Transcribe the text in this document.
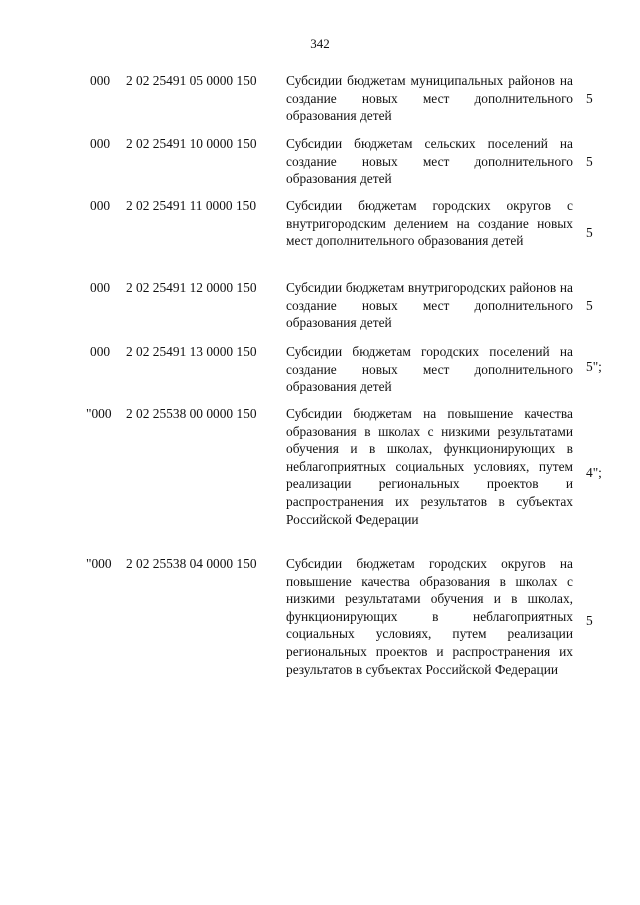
342
000 2 02 25491 05 0000 150 Субсидии бюджетам муниципальных районов на создание новых мест дополнительного образования детей
5
000 2 02 25491 10 0000 150 Субсидии бюджетам сельских поселений на создание новых мест дополнительного образования детей
5
000 2 02 25491 11 0000 150 Субсидии бюджетам городских округов с внутригородским делением на создание новых мест дополнительного образования детей
5
000 2 02 25491 12 0000 150 Субсидии бюджетам внутригородских районов на создание новых мест дополнительного образования детей
5
000 2 02 25491 13 0000 150 Субсидии бюджетам городских поселений на создание новых мест дополнительного образования детей
5";
"000 2 02 25538 00 0000 150 Субсидии бюджетам на повышение качества образования в школах с низкими результатами обучения и в школах, функционирующих в неблагоприятных социальных условиях, путем реализации региональных проектов и распространения их результатов в субъектах Российской Федерации
4";
"000 2 02 25538 04 0000 150 Субсидии бюджетам городских округов на повышение качества образования в школах с низкими результатами обучения и в школах, функционирующих в неблагоприятных социальных условиях, путем реализации региональных проектов и распространения их результатов в субъектах Российской Федерации
5
